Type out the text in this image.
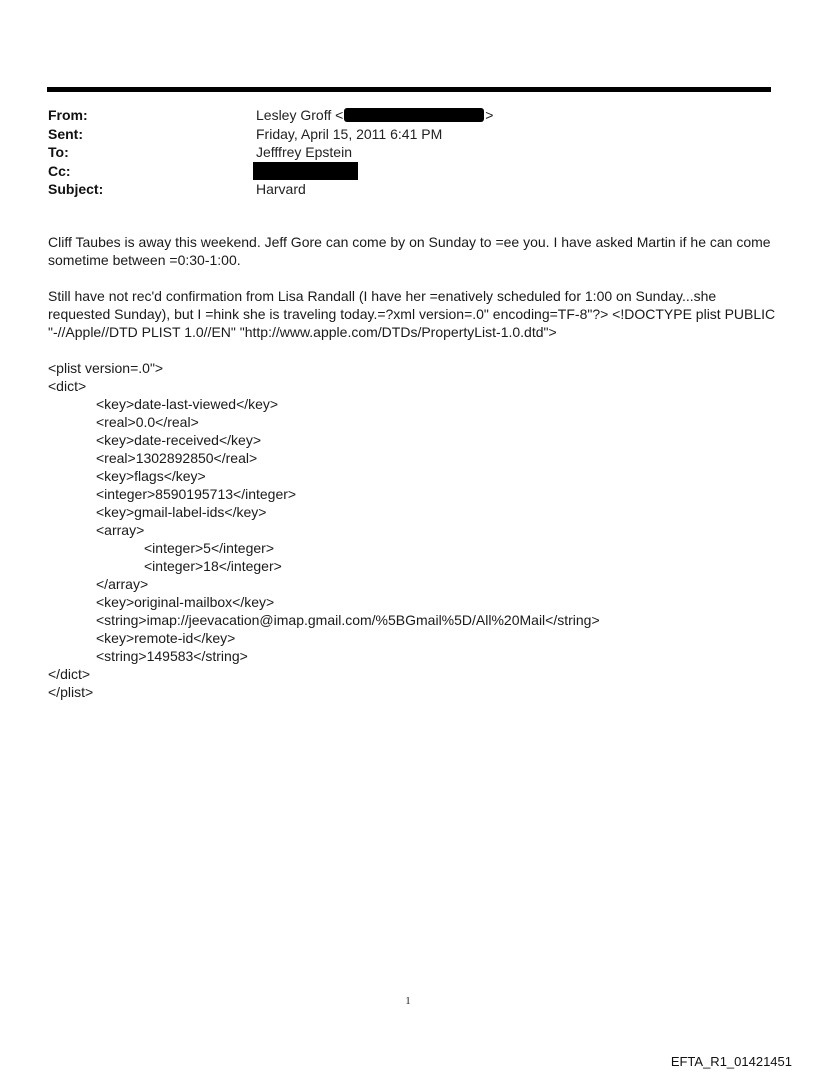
From:	Lesley Groff <	>
Sent:	Friday, April 15, 2011 6:41 PM
To:	Jefffrey Epstein
Cc:
Subject:	Harvard

Cliff Taubes is away this weekend. Jeff Gore can come by on Sunday to =ee you. I have asked Martin if he can come sometime between =0:30-1:00.

Still have not rec'd confirmation from Lisa Randall (I have her =enatively scheduled for 1:00 on Sunday...she requested Sunday), but I =hink she is traveling today.=?xml version=.0" encoding=TF-8"?> <!DOCTYPE plist PUBLIC "-//Apple//DTD PLIST 1.0//EN" "http://www.apple.com/DTDs/PropertyList-1.0.dtd">

<plist version=.0">
<dict>
<key>date-last-viewed</key>
<real>0.0</real>
<key>date-received</key>
<real>1302892850</real>
<key>flags</key>
<integer>8590195713</integer>
<key>gmail-label-ids</key>
<array>
<integer>5</integer>
<integer>18</integer>
</array>
<key>original-mailbox</key>
<string>imap://jeevacation@imap.gmail.com/%5BGmail%5D/All%20Mail</string>
<key>remote-id</key>
<string>149583</string>
</dict>
</plist>
1
EFTA_R1_01421451
